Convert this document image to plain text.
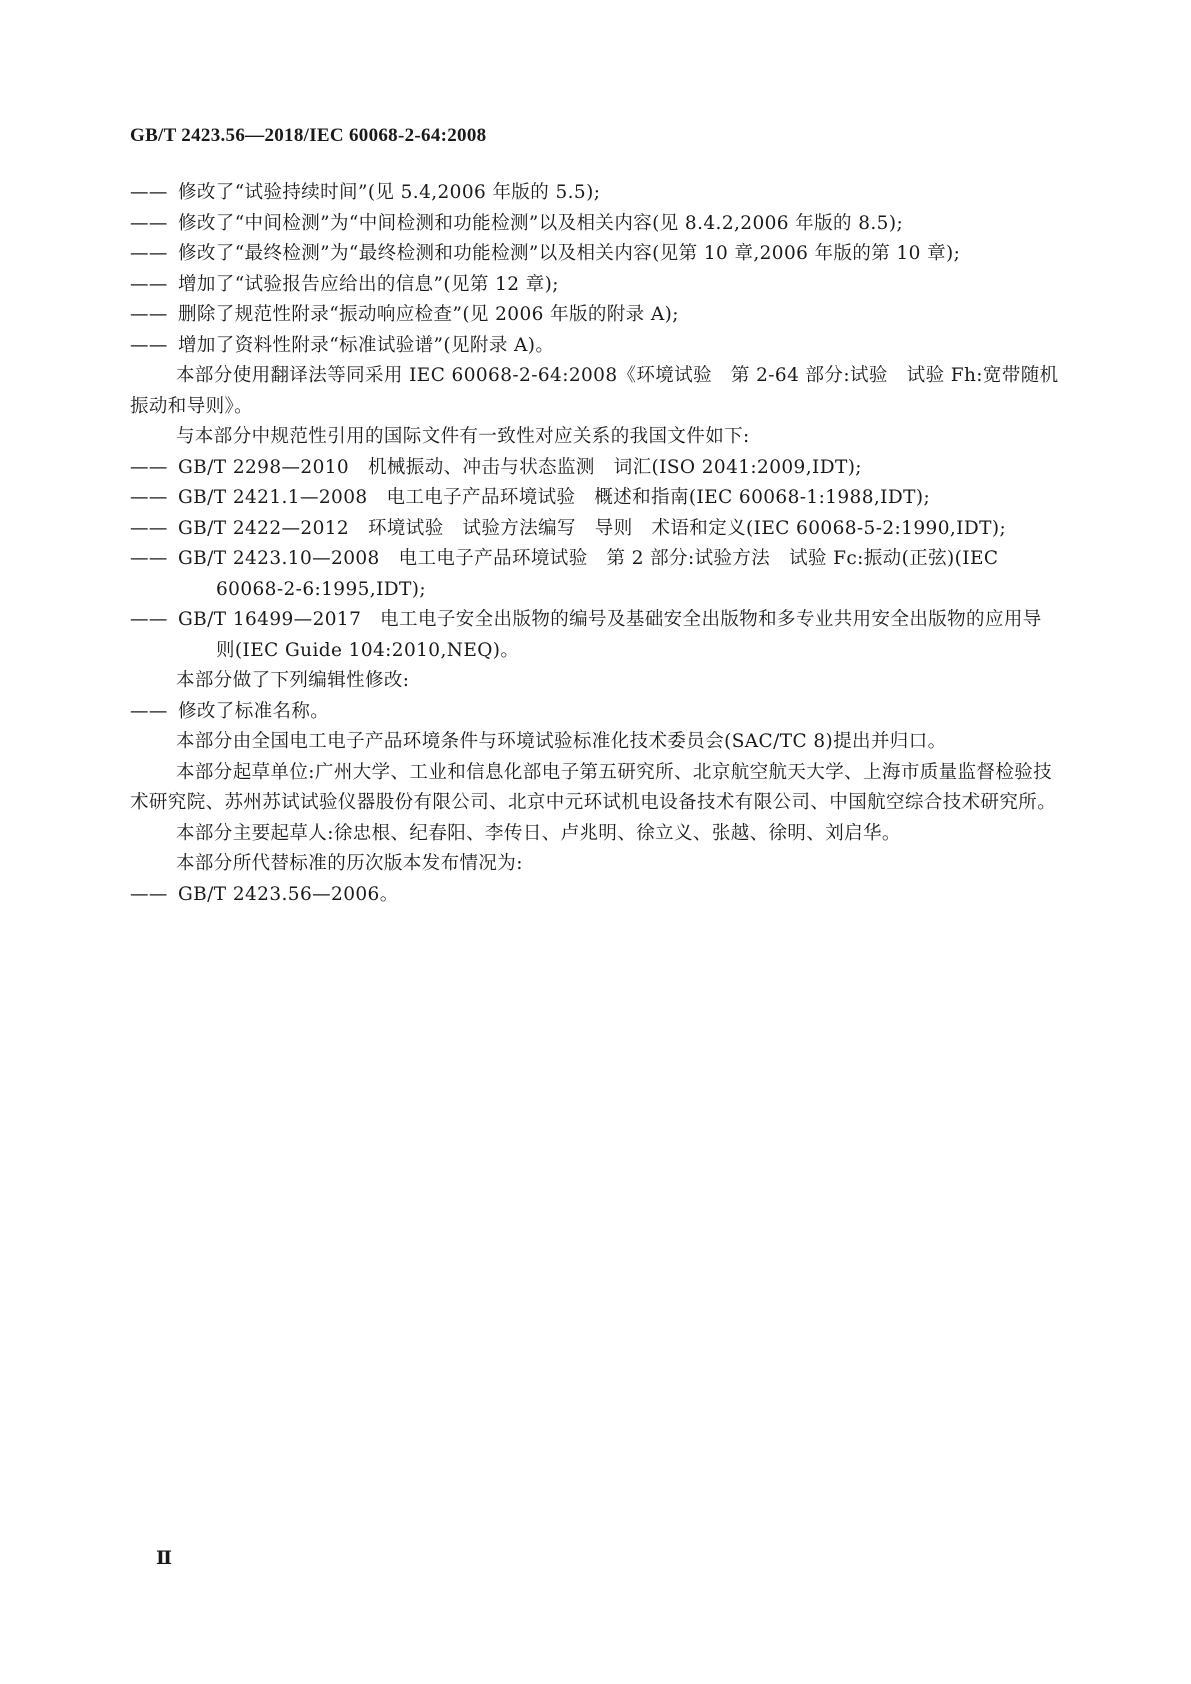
GB/T 2423.56—2018/IEC 60068-2-64:2008

—— 修改了“试验持续时间”(见 5.4,2006 年版的 5.5);

—— 修改了“中间检测”为“中间检测和功能检测”以及相关内容(见 8.4.2,2006 年版的 8.5);

—— 修改了“最终检测”为“最终检测和功能检测”以及相关内容(见第 10 章,2006 年版的第 10 章);

—— 增加了“试验报告应给出的信息”(见第 12 章);

—— 删除了规范性附录“振动响应检查”(见 2006 年版的附录 A);

—— 增加了资料性附录“标准试验谱”(见附录 A)。

本部分使用翻译法等同采用 IEC 60068-2-64:2008《环境试验　第 2-64 部分:试验　试验 Fh:宽带随机振动和导则》。

与本部分中规范性引用的国际文件有一致性对应关系的我国文件如下:

—— GB/T 2298—2010　机械振动、冲击与状态监测　词汇(ISO 2041:2009,IDT);

—— GB/T 2421.1—2008　电工电子产品环境试验　概述和指南(IEC 60068-1:1988,IDT);

—— GB/T 2422—2012　环境试验　试验方法编写　导则　术语和定义(IEC 60068-5-2:1990,IDT);

—— GB/T 2423.10—2008　电工电子产品环境试验　第 2 部分:试验方法　试验 Fc:振动(正弦)(IEC 60068-2-6:1995,IDT);

—— GB/T 16499—2017　电工电子安全出版物的编号及基础安全出版物和多专业共用安全出版物的应用导则(IEC Guide 104:2010,NEQ)。

本部分做了下列编辑性修改:

—— 修改了标准名称。

本部分由全国电工电子产品环境条件与环境试验标准化技术委员会(SAC/TC 8)提出并归口。

本部分起草单位:广州大学、工业和信息化部电子第五研究所、北京航空航天大学、上海市质量监督检验技术研究院、苏州苏试试验仪器股份有限公司、北京中元环试机电设备技术有限公司、中国航空综合技术研究所。

本部分主要起草人:徐忠根、纪春阳、李传日、卢兆明、徐立义、张越、徐明、刘启华。

本部分所代替标准的历次版本发布情况为:

—— GB/T 2423.56—2006。

Ⅱ
